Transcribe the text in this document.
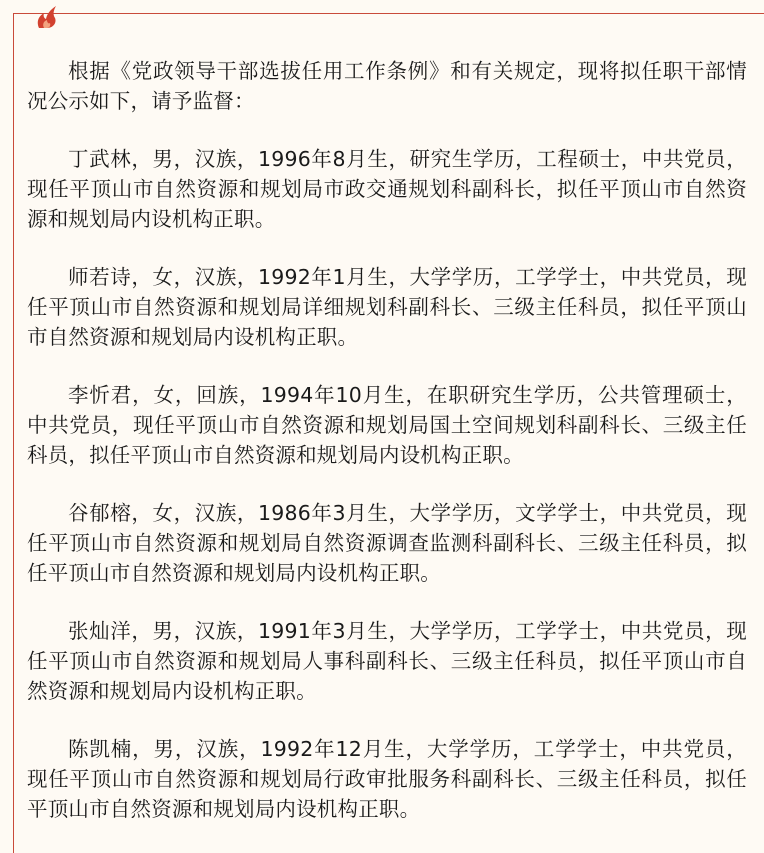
根据《党政领导干部选拔任用工作条例》和有关规定，现将拟任职干部情况公示如下，请予监督：

丁武林，男，汉族，1996年8月生，研究生学历，工程硕士，中共党员，现任平顶山市自然资源和规划局市政交通规划科副科长，拟任平顶山市自然资源和规划局内设机构正职。

师若诗，女，汉族，1992年1月生，大学学历，工学学士，中共党员，现任平顶山市自然资源和规划局详细规划科副科长、三级主任科员，拟任平顶山市自然资源和规划局内设机构正职。

李忻君，女，回族，1994年10月生，在职研究生学历，公共管理硕士，中共党员，现任平顶山市自然资源和规划局国土空间规划科副科长、三级主任科员，拟任平顶山市自然资源和规划局内设机构正职。

谷郁榕，女，汉族，1986年3月生，大学学历，文学学士，中共党员，现任平顶山市自然资源和规划局自然资源调查监测科副科长、三级主任科员，拟任平顶山市自然资源和规划局内设机构正职。

张灿洋，男，汉族，1991年3月生，大学学历，工学学士，中共党员，现任平顶山市自然资源和规划局人事科副科长、三级主任科员，拟任平顶山市自然资源和规划局内设机构正职。

陈凯楠，男，汉族，1992年12月生，大学学历，工学学士，中共党员，现任平顶山市自然资源和规划局行政审批服务科副科长、三级主任科员，拟任平顶山市自然资源和规划局内设机构正职。
